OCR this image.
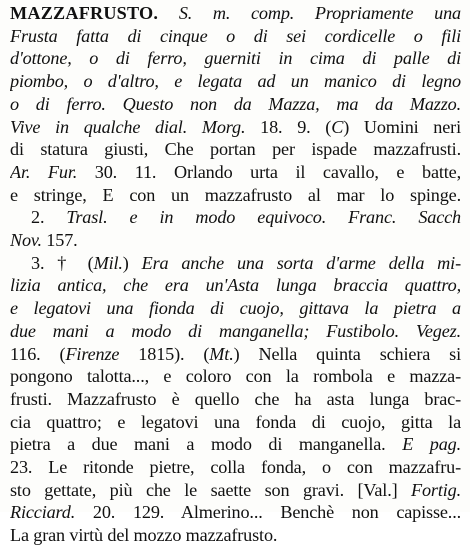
MAZZAFRUSTO. S. m. comp. Propriamente una
Frusta fatta di cinque o di sei cordicelle o fili
d'ottone, o di ferro, guerniti in cima di palle di
piombo, o d'altro, e legata ad un manico di legno
o di ferro. Questo non da Mazza, ma da Mazzo.
Vive in qualche dial. Morg. 18. 9. (C) Uomini neri
di statura giusti, Che portan per ispade mazzafrusti.
Ar. Fur. 30. 11. Orlando urta il cavallo, e batte,
e stringe, E con un mazzafrusto al mar lo spinge.
2. Trasl. e in modo equivoco. Franc. Sacch
Nov. 157.
3. † (Mil.) Era anche una sorta d'arme della mi-
lizia antica, che era un'Asta lunga braccia quattro,
e legatovi una fionda di cuojo, gittava la pietra a
due mani a modo di manganella; Fustibolo. Vegez.
116. (Firenze 1815). (Mt.) Nella quinta schiera si
pongono talotta..., e coloro con la rombola e mazza-
frusti. Mazzafrusto è quello che ha asta lunga brac-
cia quattro; e legatovi una fonda di cuojo, gitta la
pietra a due mani a modo di manganella. E pag.
23. Le ritonde pietre, colla fonda, o con mazzafru-
sto gettate, più che le saette son gravi. [Val.] Fortig.
Ricciard. 20. 129. Almerino... Benchè non capisse...
La gran virtù del mozzo mazzafrusto.
